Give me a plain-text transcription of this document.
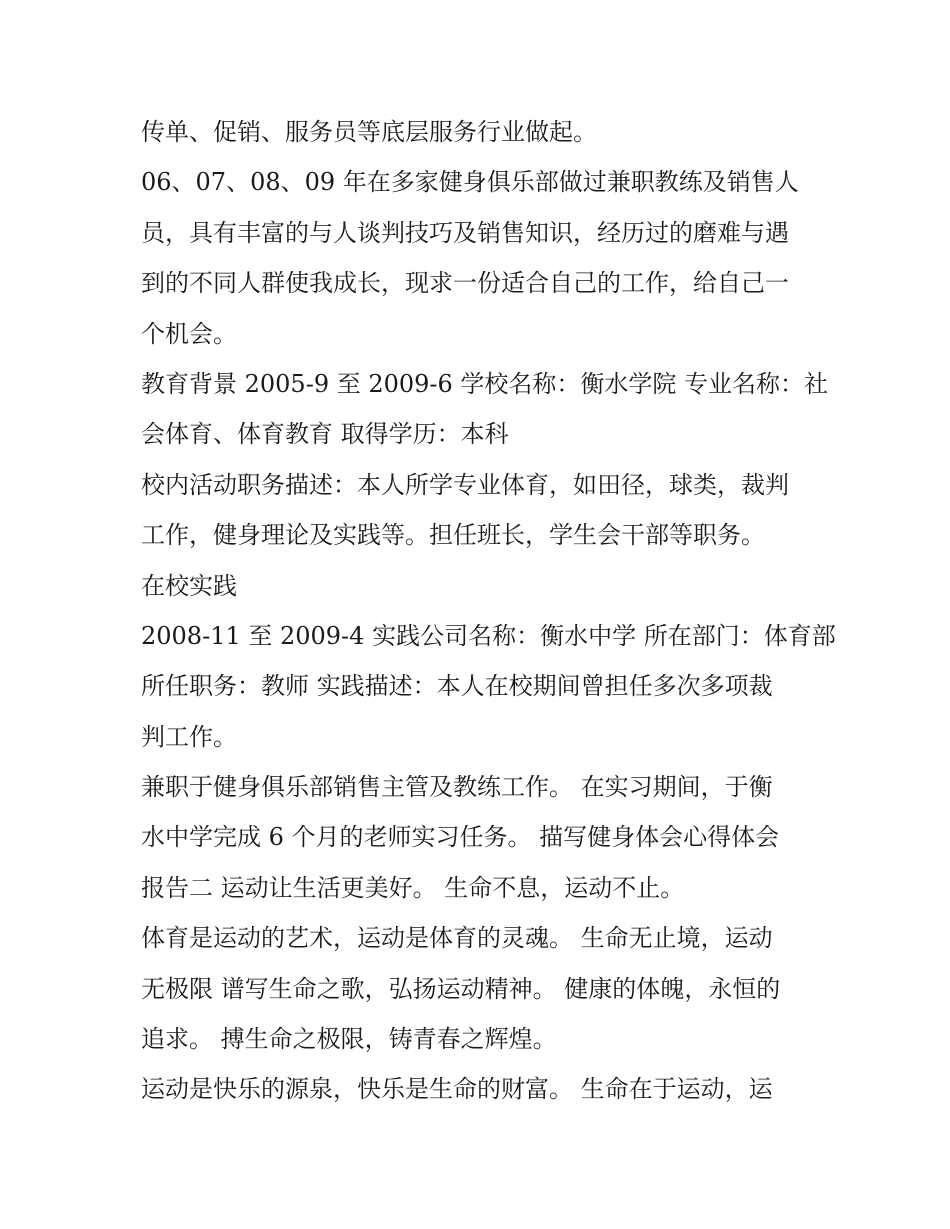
传单、促销、服务员等底层服务行业做起。

06、07、08、09 年在多家健身俱乐部做过兼职教练及销售人
员，具有丰富的与人谈判技巧及销售知识，经历过的磨难与遇
到的不同人群使我成长，现求一份适合自己的工作，给自己一
个机会。

教育背景 2005-9 至 2009-6 学校名称：衡水学院 专业名称：社
会体育、体育教育 取得学历：本科

校内活动职务描述：本人所学专业体育，如田径，球类，裁判
工作，健身理论及实践等。担任班长，学生会干部等职务。

在校实践

2008-11 至 2009-4 实践公司名称：衡水中学 所在部门：体育部
所任职务：教师 实践描述：本人在校期间曾担任多次多项裁
判工作。

兼职于健身俱乐部销售主管及教练工作。 在实习期间，于衡
水中学完成 6 个月的老师实习任务。 描写健身体会心得体会
报告二 运动让生活更美好。 生命不息，运动不止。

体育是运动的艺术，运动是体育的灵魂。 生命无止境，运动
无极限 谱写生命之歌，弘扬运动精神。 健康的体魄，永恒的
追求。 搏生命之极限，铸青春之辉煌。

运动是快乐的源泉，快乐是生命的财富。 生命在于运动，运
